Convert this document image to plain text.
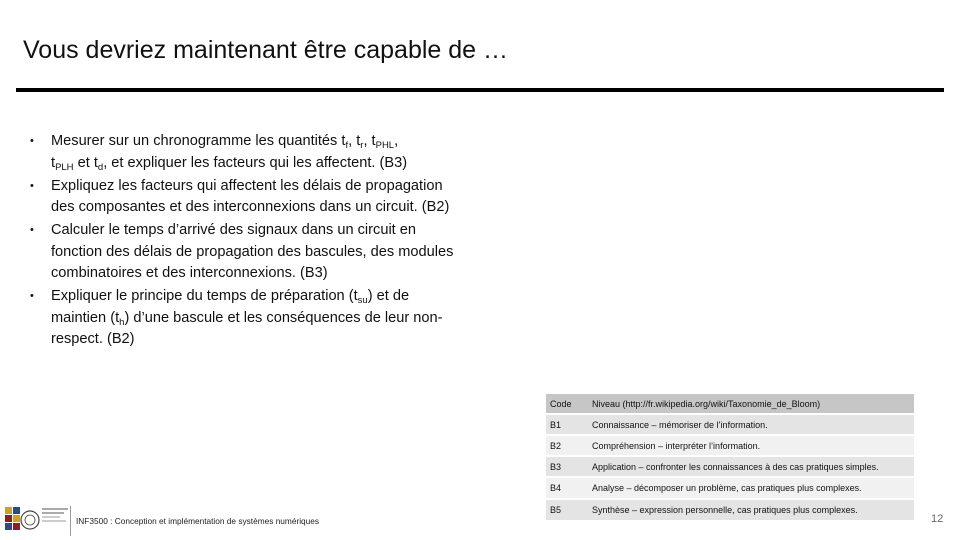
Vous devriez maintenant être capable de …
• Mesurer sur un chronogramme les quantités $t_f$, $t_r$, $t_{PHL}$,
$t_{PLH}$ et $t_d$, et expliquer les facteurs qui les affectent. (B3)
• Expliquez les facteurs qui affectent les délais de propagation des composantes et des interconnexions dans un circuit. (B2)
• Calculer le temps d’arrivé des signaux dans un circuit en fonction des délais de propagation des bascules, des modules combinatoires et des interconnexions. (B3)
• Expliquer le principe du temps de préparation $(t_{su})$ et de maintien $(t_h)$ d’une bascule et les conséquences de leur non-respect. (B2)
Code	Niveau (http://fr.wikipedia.org/wiki/Taxonomie_de_Bloom)
B1	Connaissance – mémoriser de l’information.
B2	Compréhension – interpréter l’information.
B3	Application – confronter les connaissances à des cas pratiques simples.
B4	Analyse – décomposer un problème, cas pratiques plus complexes.
B5	Synthèse – expression personnelle, cas pratiques plus complexes.
INF3500 : Conception et implémentation de systèmes numériques	12
